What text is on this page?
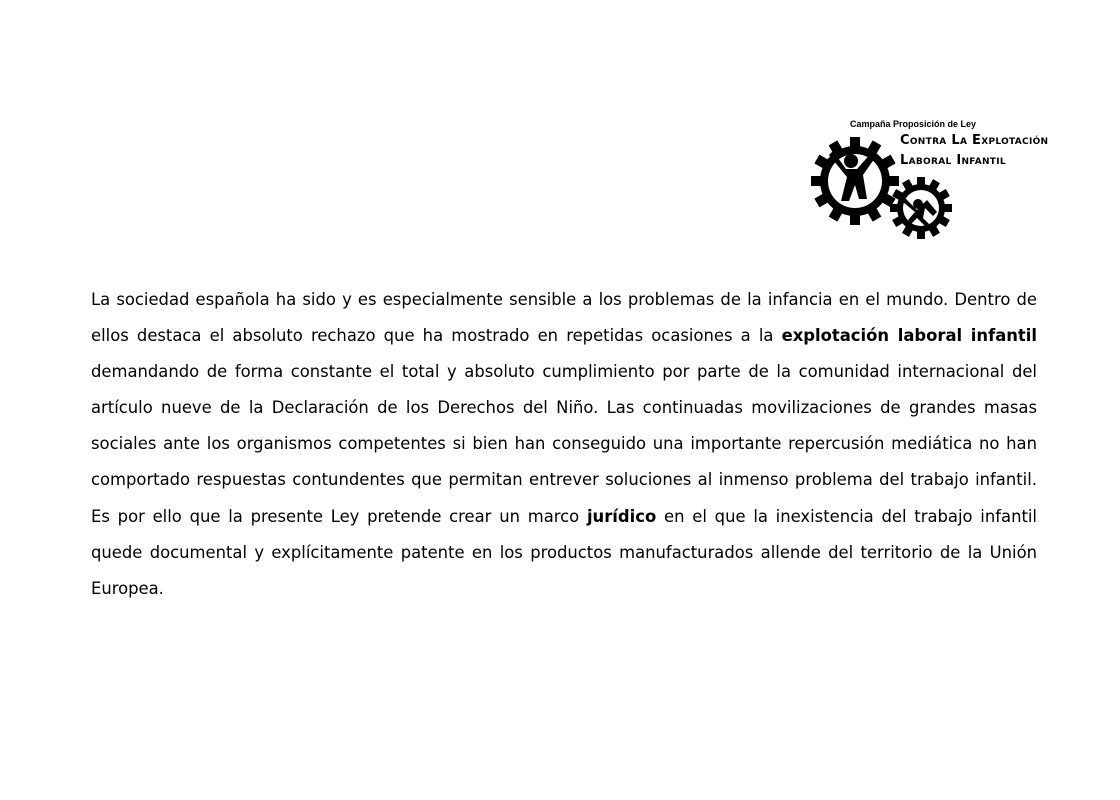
Campaña Proposición de Ley
Contra La Explotación
Laboral Infantil

La sociedad española ha sido y es especialmente sensible a los problemas de la infancia en el mundo. Dentro de ellos destaca el absoluto rechazo que ha mostrado en repetidas ocasiones a la explotación laboral infantil demandando de forma constante el total y absoluto cumplimiento por parte de la comunidad internacional del artículo nueve de la Declaración de los Derechos del Niño. Las continuadas movilizaciones de grandes masas sociales ante los organismos competentes si bien han conseguido una importante repercusión mediática no han comportado respuestas contundentes que permitan entrever soluciones al inmenso problema del trabajo infantil. Es por ello que la presente Ley pretende crear un marco jurídico en el que la inexistencia del trabajo infantil quede documental y explícitamente patente en los productos manufacturados allende del territorio de la Unión Europea.
